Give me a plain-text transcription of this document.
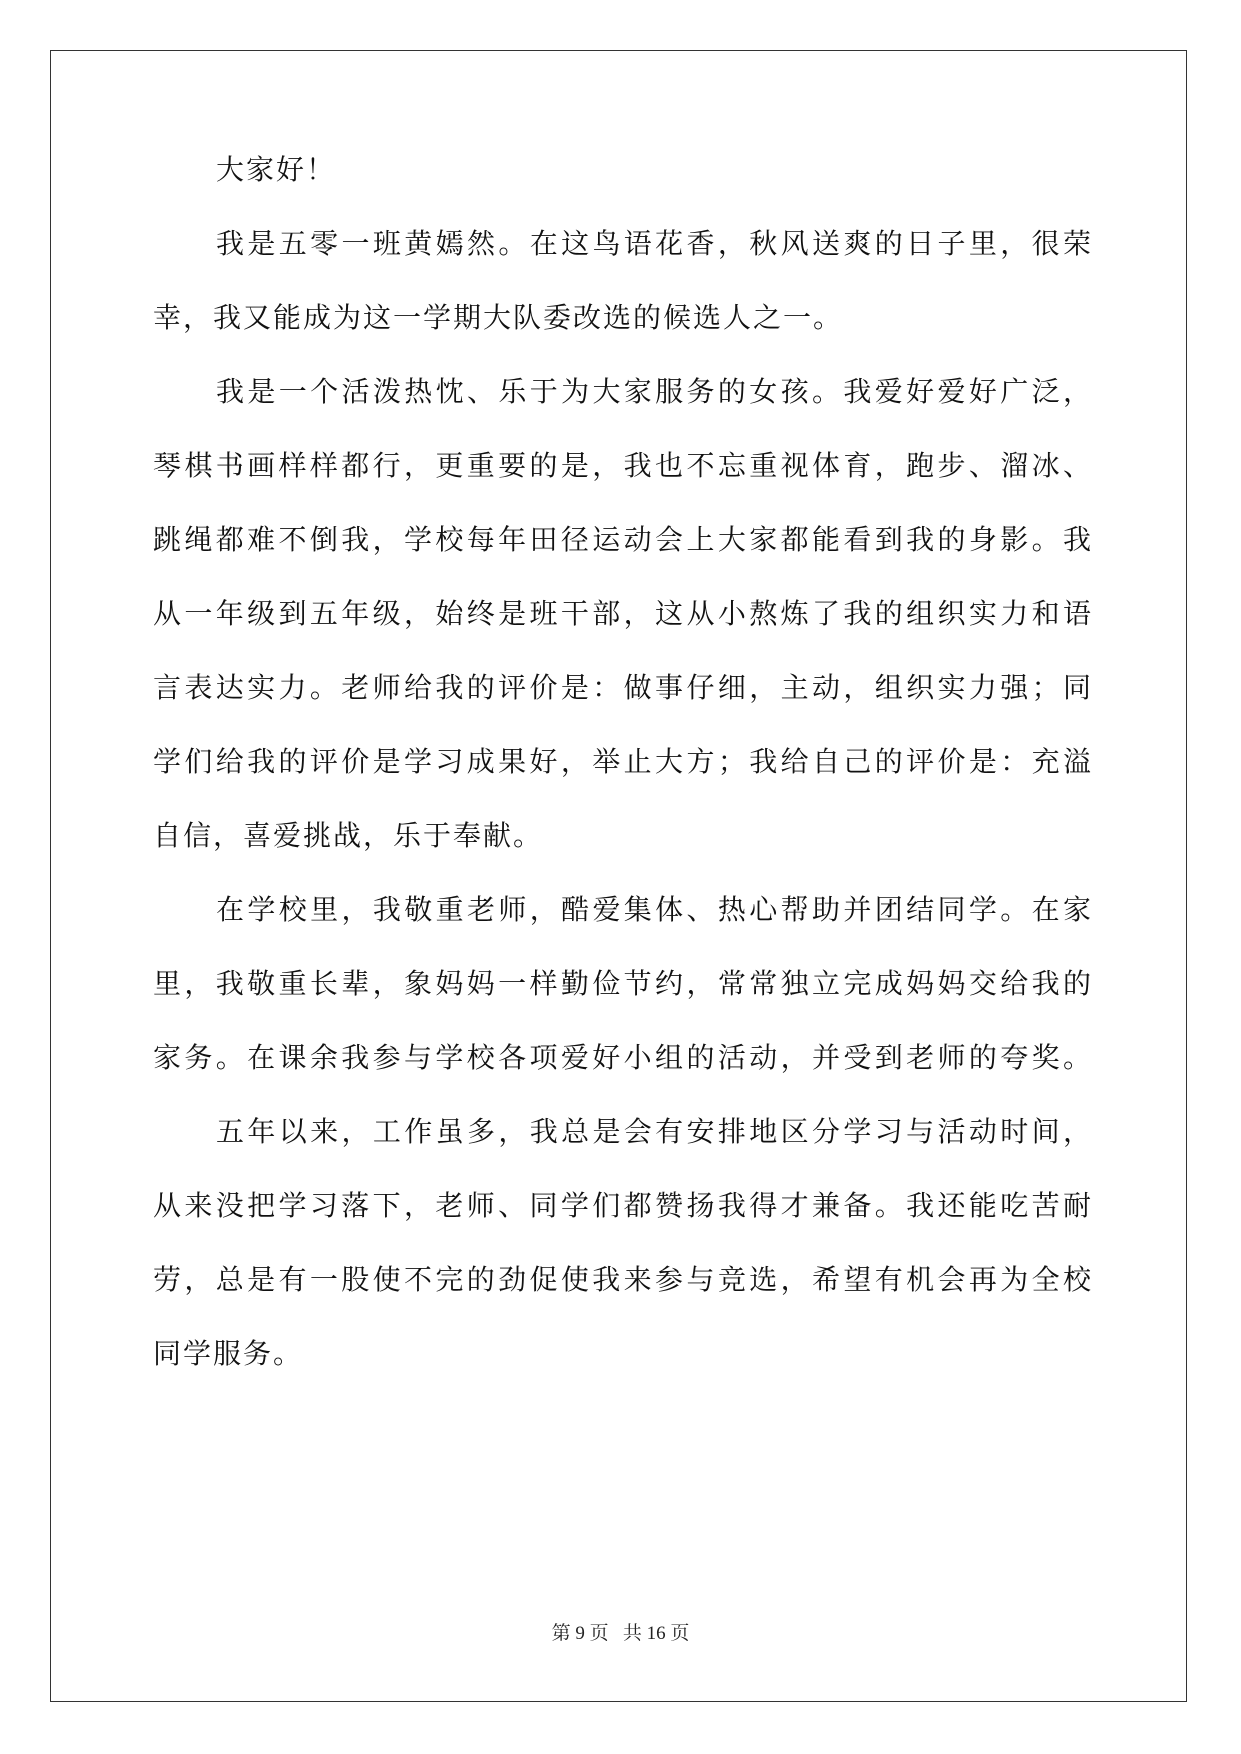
大家好！
我是五零一班黄嫣然。在这鸟语花香，秋风送爽的日子里，很荣
幸，我又能成为这一学期大队委改选的候选人之一。
我是一个活泼热忱、乐于为大家服务的女孩。我爱好爱好广泛，
琴棋书画样样都行，更重要的是，我也不忘重视体育，跑步、溜冰、
跳绳都难不倒我，学校每年田径运动会上大家都能看到我的身影。我
从一年级到五年级，始终是班干部，这从小熬炼了我的组织实力和语
言表达实力。老师给我的评价是：做事仔细，主动，组织实力强；同
学们给我的评价是学习成果好，举止大方；我给自己的评价是：充溢
自信，喜爱挑战，乐于奉献。
在学校里，我敬重老师，酷爱集体、热心帮助并团结同学。在家
里，我敬重长辈，象妈妈一样勤俭节约，常常独立完成妈妈交给我的
家务。在课余我参与学校各项爱好小组的活动，并受到老师的夸奖。
五年以来，工作虽多，我总是会有安排地区分学习与活动时间，
从来没把学习落下，老师、同学们都赞扬我得才兼备。我还能吃苦耐
劳，总是有一股使不完的劲促使我来参与竞选，希望有机会再为全校
同学服务。
第 9 页 共 16 页
